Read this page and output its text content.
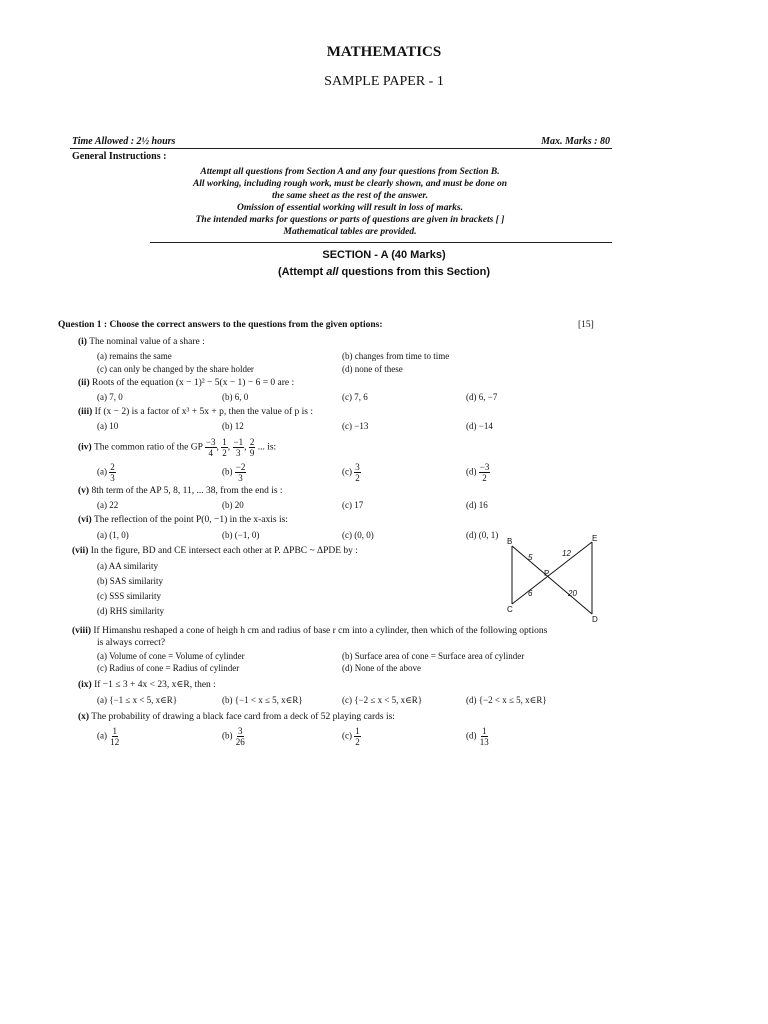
MATHEMATICS
SAMPLE PAPER - 1
Time Allowed : 2½ hours	Max. Marks : 80
General Instructions :
Attempt all questions from Section A and any four questions from Section B.
All working, including rough work, must be clearly shown, and must be done on
the same sheet as the rest of the answer.
Omission of essential working will result in loss of marks.
The intended marks for questions or parts of questions are given in brackets [ ]
Mathematical tables are provided.
SECTION - A (40 Marks)
(Attempt all questions from this Section)
Question 1 : Choose the correct answers to the questions from the given options:	[15]
(i) The nominal value of a share :
(a) remains the same	(b) changes from time to time
(c) can only be changed by the share holder	(d) none of these
(ii) Roots of the equation (x − 1)² − 5(x − 1) − 6 = 0 are :
(a) 7, 0	(b) 6, 0	(c) 7, 6	(d) 6, −7
(iii) If (x − 2) is a factor of x³ + 5x + p, then the value of p is :
(a) 10	(b) 12	(c) −13	(d) −14
(iv) The common ratio of the GP $\frac{-3}{4}$ , $\frac{1}{2}$ , $\frac{-1}{3}$ , $\frac{2}{9}$ ... is:
$(a) \frac{2}{3}$	$(b) \frac{-2}{3}$	$(c) \frac{3}{2}$	$(d) \frac{-3}{2}$
(v) 8th term of the AP 5, 8, 11, ... 38, from the end is :
(a) 22	(b) 20	(c) 17	(d) 16
(vi) The reflection of the point P(0, −1) in the x-axis is:
(a) (1, 0)	(b) (−1, 0)	(c) (0, 0)	(d) (0, 1)
(vii) In the figure, BD and CE intersect each other at P. ΔPBC ~ ΔPDE by :
(a) AA similarity
(b) SAS similarity
(c) SSS similarity
(d) RHS similarity
B	E
P
C
D
5	12
6	20
(viii) If Himanshu reshaped a cone of heigh h cm and radius of base r cm into a cylinder, then which of the following options
is always correct?
(a) Volume of cone = Volume of cylinder	(b) Surface area of cone = Surface area of cylinder
(c) Radius of cone = Radius of cylinder	(d) None of the above
(ix) If −1 ≤ 3 + 4x < 23, x∈R, then :
(a) {−1 ≤ x < 5, x∈R}	(b) {−1 < x ≤ 5, x∈R}	(c) {−2 ≤ x < 5, x∈R}	(d) {−2 < x ≤ 5, x∈R}
(x) The probability of drawing a black face card from a deck of 52 playing cards is:
$(a) \frac{1}{12}$	$(b) \frac{3}{26}$	$(c) \frac{1}{2}$	$(d) \frac{1}{13}$
